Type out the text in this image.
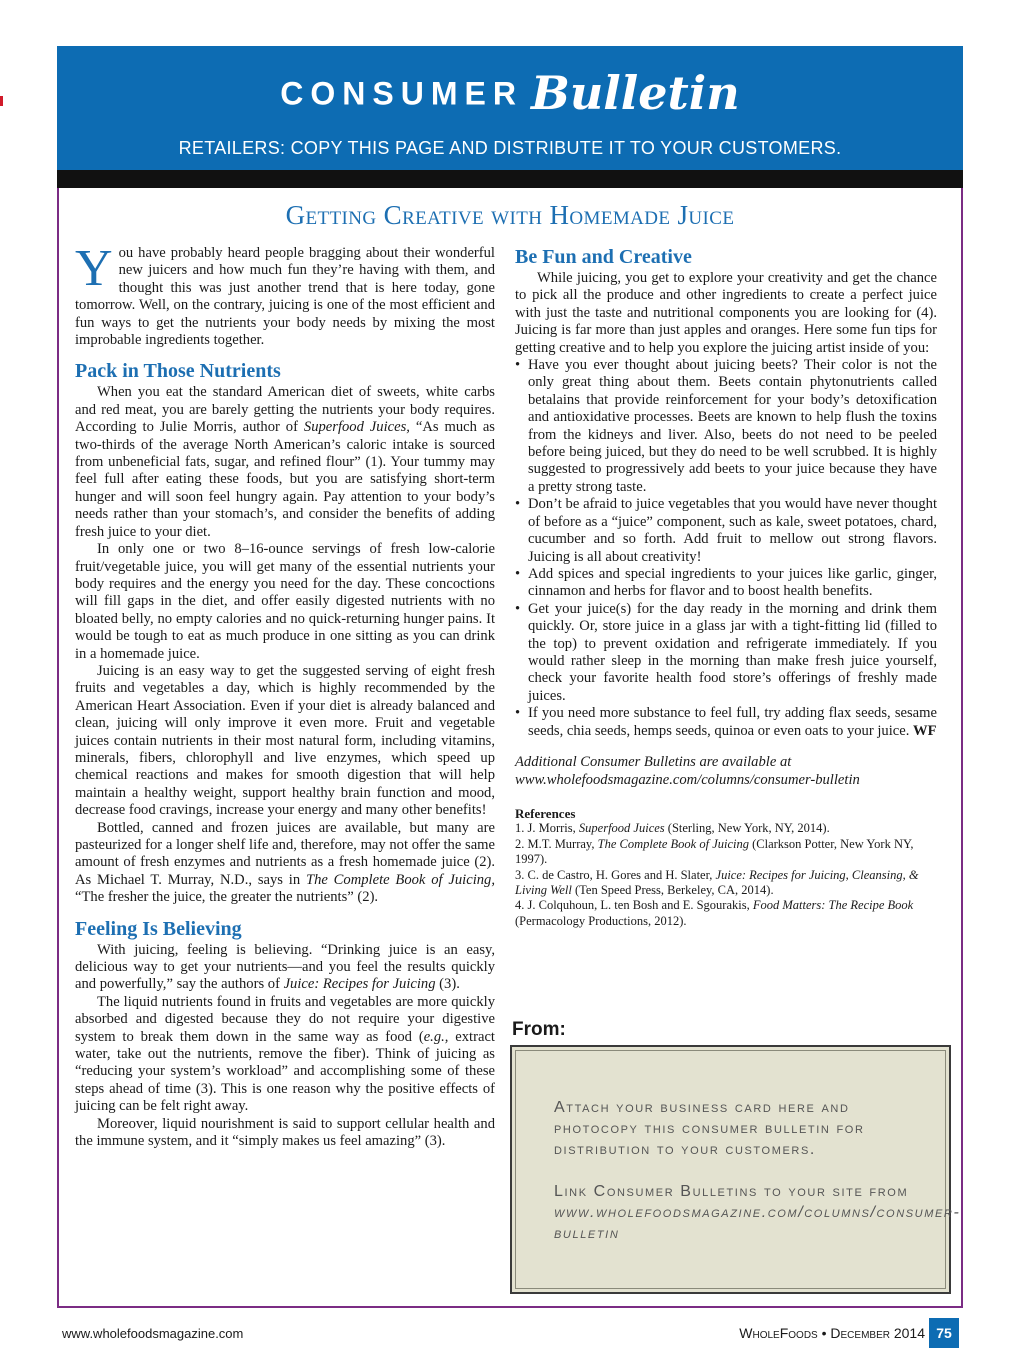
CONSUMER Bulletin
RETAILERS: COPY THIS PAGE AND DISTRIBUTE IT TO YOUR CUSTOMERS.
Getting Creative with Homemade Juice

You have probably heard people bragging about their wonderful new juicers and how much fun they’re having with them, and thought this was just another trend that is here today, gone tomorrow. Well, on the contrary, juicing is one of the most efficient and fun ways to get the nutrients your body needs by mixing the most improbable ingredients together.

Pack in Those Nutrients

When you eat the standard American diet of sweets, white carbs and red meat, you are barely getting the nutrients your body requires. According to Julie Morris, author of Superfood Juices, “As much as two-thirds of the average North American’s caloric intake is sourced from unbeneficial fats, sugar, and refined flour” (1). Your tummy may feel full after eating these foods, but you are satisfying short-term hunger and will soon feel hungry again. Pay attention to your body’s needs rather than your stomach’s, and consider the benefits of adding fresh juice to your diet.

In only one or two 8–16-ounce servings of fresh low-calorie fruit/vegetable juice, you will get many of the essential nutrients your body requires and the energy you need for the day. These concoctions will fill gaps in the diet, and offer easily digested nutrients with no bloated belly, no empty calories and no quick-returning hunger pains. It would be tough to eat as much produce in one sitting as you can drink in a homemade juice.

Juicing is an easy way to get the suggested serving of eight fresh fruits and vegetables a day, which is highly recommended by the American Heart Association. Even if your diet is already balanced and clean, juicing will only improve it even more. Fruit and vegetable juices contain nutrients in their most natural form, including vitamins, minerals, fibers, chlorophyll and live enzymes, which speed up chemical reactions and makes for smooth digestion that will help maintain a healthy weight, support healthy brain function and mood, decrease food cravings, increase your energy and many other benefits!

Bottled, canned and frozen juices are available, but many are pasteurized for a longer shelf life and, therefore, may not offer the same amount of fresh enzymes and nutrients as a fresh homemade juice (2). As Michael T. Murray, N.D., says in The Complete Book of Juicing, “The fresher the juice, the greater the nutrients” (2).

Feeling Is Believing

With juicing, feeling is believing. “Drinking juice is an easy, delicious way to get your nutrients—and you feel the results quickly and powerfully,” say the authors of Juice: Recipes for Juicing (3).

The liquid nutrients found in fruits and vegetables are more quickly absorbed and digested because they do not require your digestive system to break them down in the same way as food (e.g., extract water, take out the nutrients, remove the fiber). Think of juicing as “reducing your system’s workload” and accomplishing some of these steps ahead of time (3). This is one reason why the positive effects of juicing can be felt right away.

Moreover, liquid nourishment is said to support cellular health and the immune system, and it “simply makes us feel amazing” (3).

Be Fun and Creative

While juicing, you get to explore your creativity and get the chance to pick all the produce and other ingredients to create a perfect juice with just the taste and nutritional components you are looking for (4). Juicing is far more than just apples and oranges. Here some fun tips for getting creative and to help you explore the juicing artist inside of you:

• Have you ever thought about juicing beets? Their color is not the only great thing about them. Beets contain phytonutrients called betalains that provide reinforcement for your body’s detoxification and antioxidative processes. Beets are known to help flush the toxins from the kidneys and liver. Also, beets do not need to be peeled before being juiced, but they do need to be well scrubbed. It is highly suggested to progressively add beets to your juice because they have a pretty strong taste.
• Don’t be afraid to juice vegetables that you would have never thought of before as a “juice” component, such as kale, sweet potatoes, chard, cucumber and so forth. Add fruit to mellow out strong flavors. Juicing is all about creativity!
• Add spices and special ingredients to your juices like garlic, ginger, cinnamon and herbs for flavor and to boost health benefits.
• Get your juice(s) for the day ready in the morning and drink them quickly. Or, store juice in a glass jar with a tight-fitting lid (filled to the top) to prevent oxidation and refrigerate immediately. If you would rather sleep in the morning than make fresh juice yourself, check your favorite health food store’s offerings of freshly made juices.
• If you need more substance to feel full, try adding flax seeds, sesame seeds, chia seeds, hemps seeds, quinoa or even oats to your juice. WF
Additional Consumer Bulletins are available at
www.wholefoodsmagazine.com/columns/consumer-bulletin
References
1. J. Morris, Superfood Juices (Sterling, New York, NY, 2014).
2. M.T. Murray, The Complete Book of Juicing (Clarkson Potter, New York NY, 1997).
3. C. de Castro, H. Gores and H. Slater, Juice: Recipes for Juicing, Cleansing, & Living Well (Ten Speed Press, Berkeley, CA, 2014).
4. J. Colquhoun, L. ten Bosh and E. Sgourakis, Food Matters: The Recipe Book (Permacology Productions, 2012).
From:
Attach your business card here and photocopy this consumer bulletin for distribution to your customers.
Link Consumer Bulletins to your site from www.wholefoodsmagazine.com/columns/consumer-bulletin
www.wholefoodsmagazine.com	WholeFoods • December 2014 75
